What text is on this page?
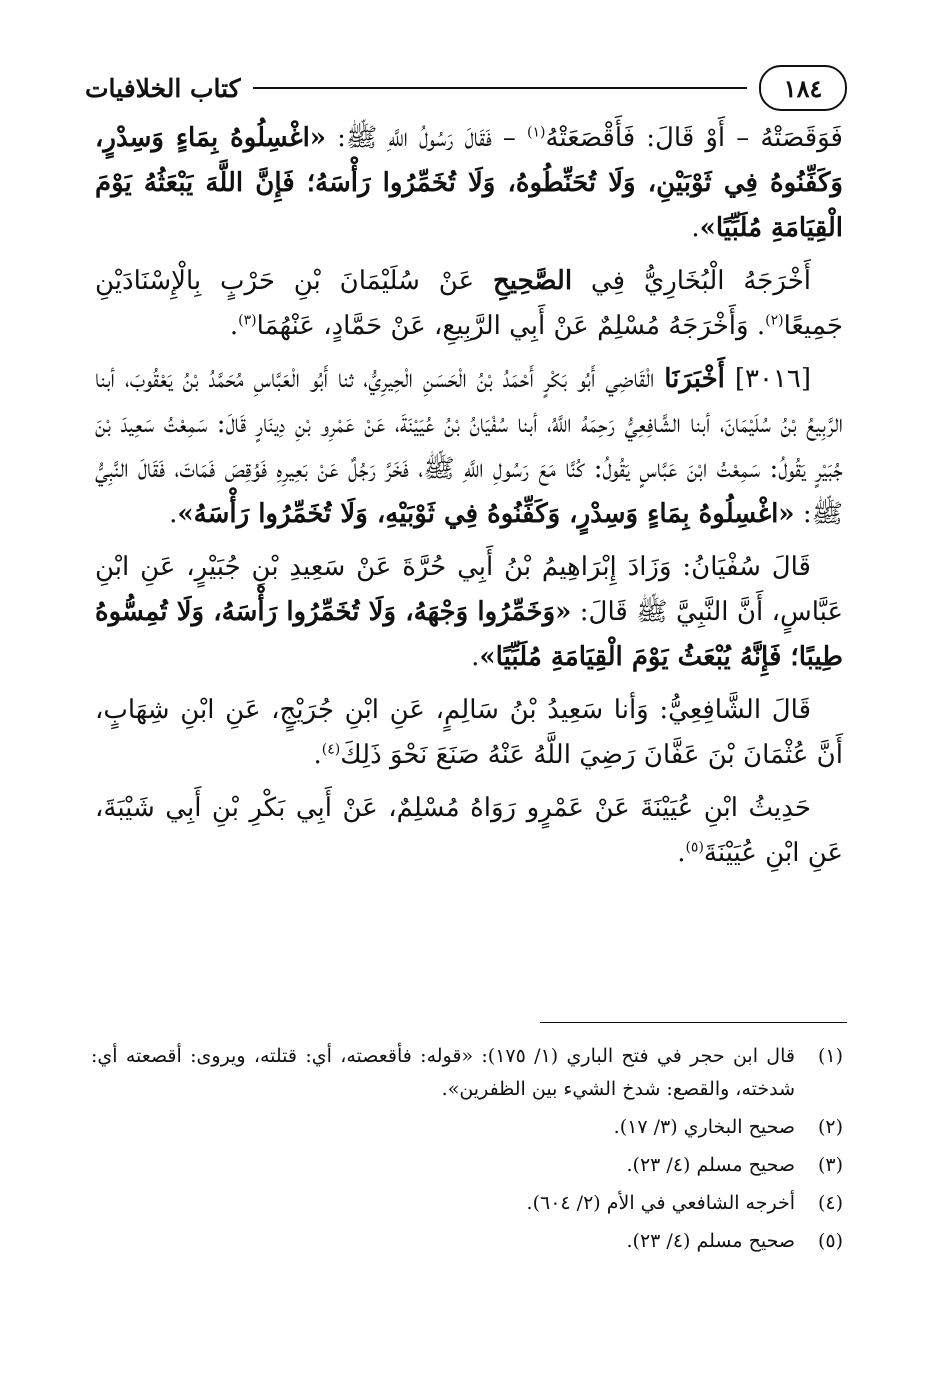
كتاب الخلافيات	١٨٤

فَوَقَصَتْهُ – أَوْ قَالَ: فَأَقْصَعَتْهُ$^{(١)}$ – فَقَالَ رَسُولُ اللَّهِ ﷺ: «اغْسِلُوهُ بِمَاءٍ وَسِدْرٍ، وَكَفِّنُوهُ فِي ثَوْبَيْنِ، وَلَا تُحَنِّطُوهُ، وَلَا تُخَمِّرُوا رَأْسَهُ؛ فَإِنَّ اللَّهَ يَبْعَثُهُ يَوْمَ الْقِيَامَةِ مُلَبِّيًا».

أَخْرَجَهُ الْبُخَارِيُّ فِي الصَّحِيحِ عَنْ سُلَيْمَانَ بْنِ حَرْبٍ بِالْإِسْنَادَيْنِ جَمِيعًا$^{(٢)}$. وَأَخْرَجَهُ مُسْلِمٌ عَنْ أَبِي الرَّبِيعِ، عَنْ حَمَّادٍ، عَنْهُمَا$^{(٣)}$.

[٣٠١٦] أَخْبَرَنَا الْقَاضِي أَبُو بَكْرٍ أَحْمَدُ بْنُ الْحَسَنِ الْحِيرِيُّ، ثنا أَبُو الْعَبَّاسِ مُحَمَّدُ بْنُ يَعْقُوبَ، أبنا الرَّبِيعُ بْنُ سُلَيْمَانَ، أبنا الشَّافِعِيُّ رَحِمَهُ اللَّهُ، أبنا سُفْيَانُ بْنُ عُيَيْنَةَ، عَنْ عَمْرِو بْنِ دِينَارٍ قَالَ: سَمِعْتُ سَعِيدَ بْنَ جُبَيْرٍ يَقُولُ: سَمِعْتُ ابْنَ عَبَّاسٍ يَقُولُ: كُنَّا مَعَ رَسُولِ اللَّهِ ﷺ، فَخَرَّ رَجُلٌ عَنْ بَعِيرِهِ فَوُقِصَ فَمَاتَ، فَقَالَ النَّبِيُّ ﷺ: «اغْسِلُوهُ بِمَاءٍ وَسِدْرٍ، وَكَفِّنُوهُ فِي ثَوْبَيْهِ، وَلَا تُخَمِّرُوا رَأْسَهُ».

قَالَ سُفْيَانُ: وَزَادَ إِبْرَاهِيمُ بْنُ أَبِي حُرَّةَ عَنْ سَعِيدِ بْنِ جُبَيْرٍ، عَنِ ابْنِ عَبَّاسٍ، أَنَّ النَّبِيَّ ﷺ قَالَ: «وَخَمِّرُوا وَجْهَهُ، وَلَا تُخَمِّرُوا رَأْسَهُ، وَلَا تُمِسُّوهُ طِيبًا؛ فَإِنَّهُ يُبْعَثُ يَوْمَ الْقِيَامَةِ مُلَبِّيًا».

قَالَ الشَّافِعِيُّ: وَأنا سَعِيدُ بْنُ سَالِمٍ، عَنِ ابْنِ جُرَيْجٍ، عَنِ ابْنِ شِهَابٍ، أَنَّ عُثْمَانَ بْنَ عَفَّانَ رَضِيَ اللَّهُ عَنْهُ صَنَعَ نَحْوَ ذَلِكَ$^{(٤)}$.

حَدِيثُ ابْنِ عُيَيْنَةَ عَنْ عَمْرٍو رَوَاهُ مُسْلِمٌ، عَنْ أَبِي بَكْرِ بْنِ أَبِي شَيْبَةَ، عَنِ ابْنِ عُيَيْنَةَ$^{(٥)}$.

(١)
قال ابن حجر في فتح الباري (١/ ١٧٥): «قوله: فأقعصته، أي: قتلته، ويروى: أقصعته أي: شدخته، والقصع: شدخ الشيء بين الظفرين».
(٢)
صحيح البخاري (٣/ ١٧).
(٣)
صحيح مسلم (٤/ ٢٣).
(٤)
أخرجه الشافعي في الأم (٢/ ٦٠٤).
(٥)
صحيح مسلم (٤/ ٢٣).
